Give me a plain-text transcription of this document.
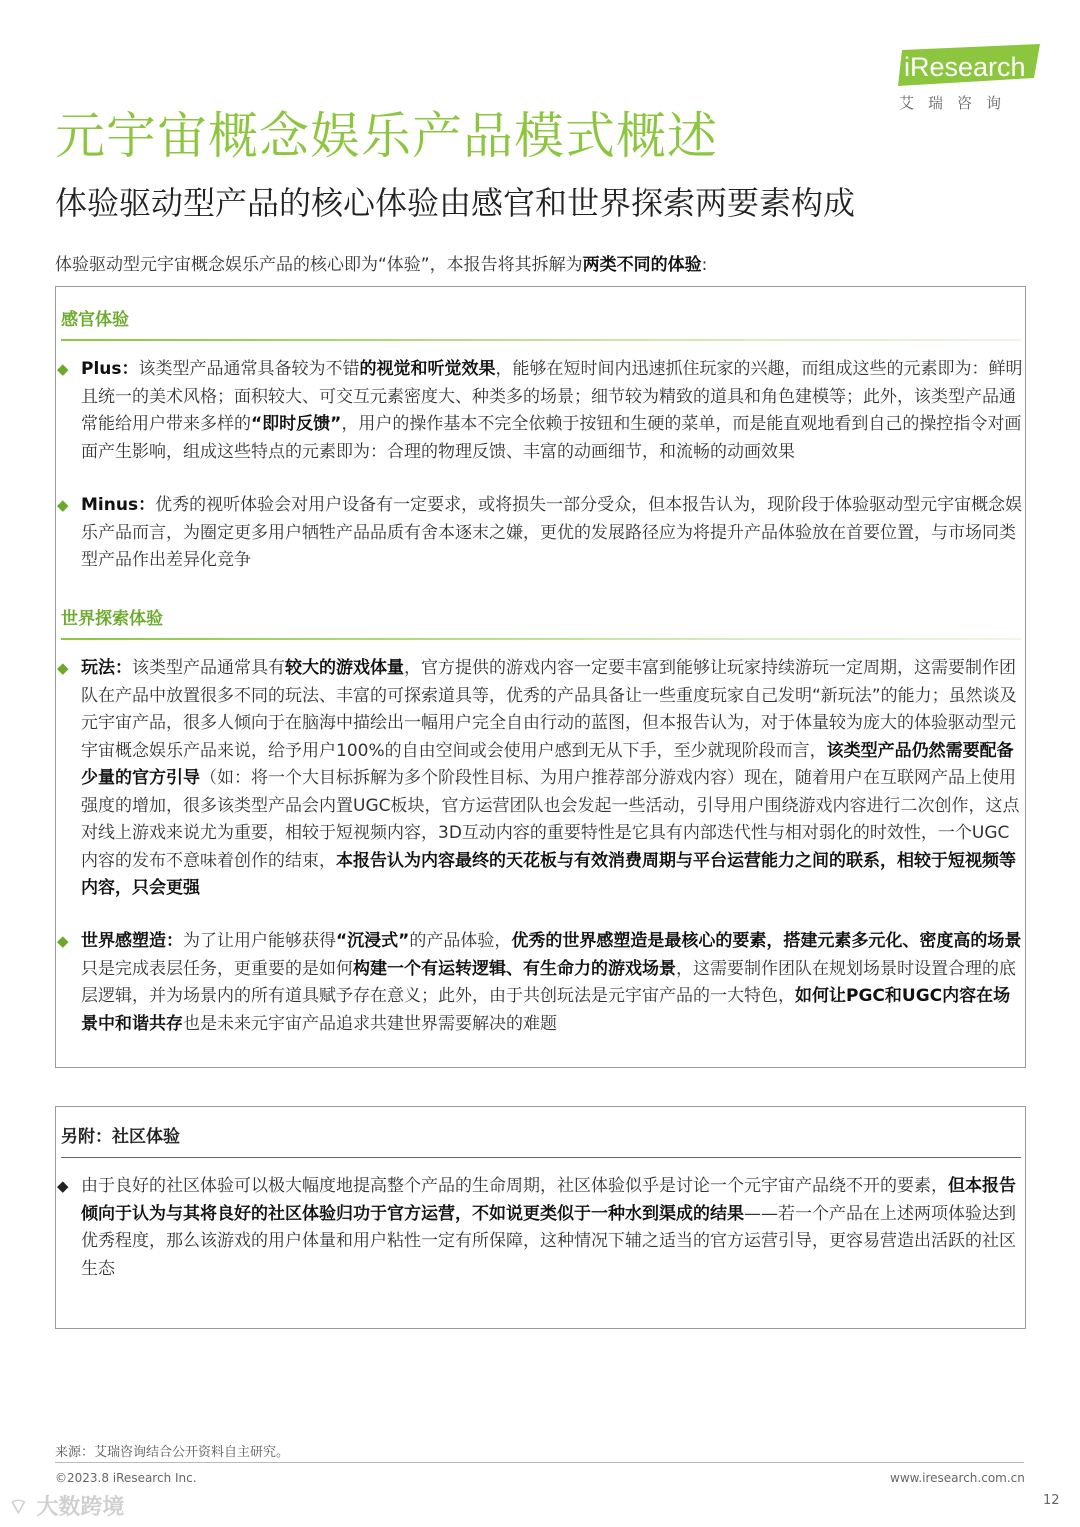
iResearch
艾瑞咨询
元宇宙概念娱乐产品模式概述
体验驱动型产品的核心体验由感官和世界探索两要素构成
体验驱动型元宇宙概念娱乐产品的核心即为“体验”，本报告将其拆解为两类不同的体验:
感官体验
◆ Plus：该类型产品通常具备较为不错的视觉和听觉效果，能够在短时间内迅速抓住玩家的兴趣，而组成这些的元素即为：鲜明且统一的美术风格；面积较大、可交互元素密度大、种类多的场景；细节较为精致的道具和角色建模等；此外，该类型产品通常能给用户带来多样的“即时反馈”，用户的操作基本不完全依赖于按钮和生硬的菜单，而是能直观地看到自己的操控指令对画面产生影响，组成这些特点的元素即为：合理的物理反馈、丰富的动画细节，和流畅的动画效果
◆ Minus：优秀的视听体验会对用户设备有一定要求，或将损失一部分受众，但本报告认为，现阶段于体验驱动型元宇宙概念娱乐产品而言，为圈定更多用户牺牲产品品质有舍本逐末之嫌，更优的发展路径应为将提升产品体验放在首要位置，与市场同类型产品作出差异化竞争
世界探索体验
◆ 玩法：该类型产品通常具有较大的游戏体量，官方提供的游戏内容一定要丰富到能够让玩家持续游玩一定周期，这需要制作团队在产品中放置很多不同的玩法、丰富的可探索道具等，优秀的产品具备让一些重度玩家自己发明“新玩法”的能力；虽然谈及元宇宙产品，很多人倾向于在脑海中描绘出一幅用户完全自由行动的蓝图，但本报告认为，对于体量较为庞大的体验驱动型元宇宙概念娱乐产品来说，给予用户100%的自由空间或会使用户感到无从下手，至少就现阶段而言，该类型产品仍然需要配备少量的官方引导（如：将一个大目标拆解为多个阶段性目标、为用户推荐部分游戏内容）现在，随着用户在互联网产品上使用强度的增加，很多该类型产品会内置UGC板块，官方运营团队也会发起一些活动，引导用户围绕游戏内容进行二次创作，这点对线上游戏来说尤为重要，相较于短视频内容，3D互动内容的重要特性是它具有内部迭代性与相对弱化的时效性，一个UGC内容的发布不意味着创作的结束，本报告认为内容最终的天花板与有效消费周期与平台运营能力之间的联系，相较于短视频等内容，只会更强
◆ 世界感塑造：为了让用户能够获得“沉浸式”的产品体验，优秀的世界感塑造是最核心的要素，搭建元素多元化、密度高的场景只是完成表层任务，更重要的是如何构建一个有运转逻辑、有生命力的游戏场景，这需要制作团队在规划场景时设置合理的底层逻辑，并为场景内的所有道具赋予存在意义；此外，由于共创玩法是元宇宙产品的一大特色，如何让PGC和UGC内容在场景中和谐共存也是未来元宇宙产品追求共建世界需要解决的难题
另附：社区体验
◆ 由于良好的社区体验可以极大幅度地提高整个产品的生命周期，社区体验似乎是讨论一个元宇宙产品绕不开的要素，但本报告倾向于认为与其将良好的社区体验归功于官方运营，不如说更类似于一种水到渠成的结果——若一个产品在上述两项体验达到优秀程度，那么该游戏的用户体量和用户粘性一定有所保障，这种情况下辅之适当的官方运营引导，更容易营造出活跃的社区生态
来源：艾瑞咨询结合公开资料自主研究。
©2023.8 iResearch Inc.	www.iresearch.com.cn
12
⌔ 大数跨境
